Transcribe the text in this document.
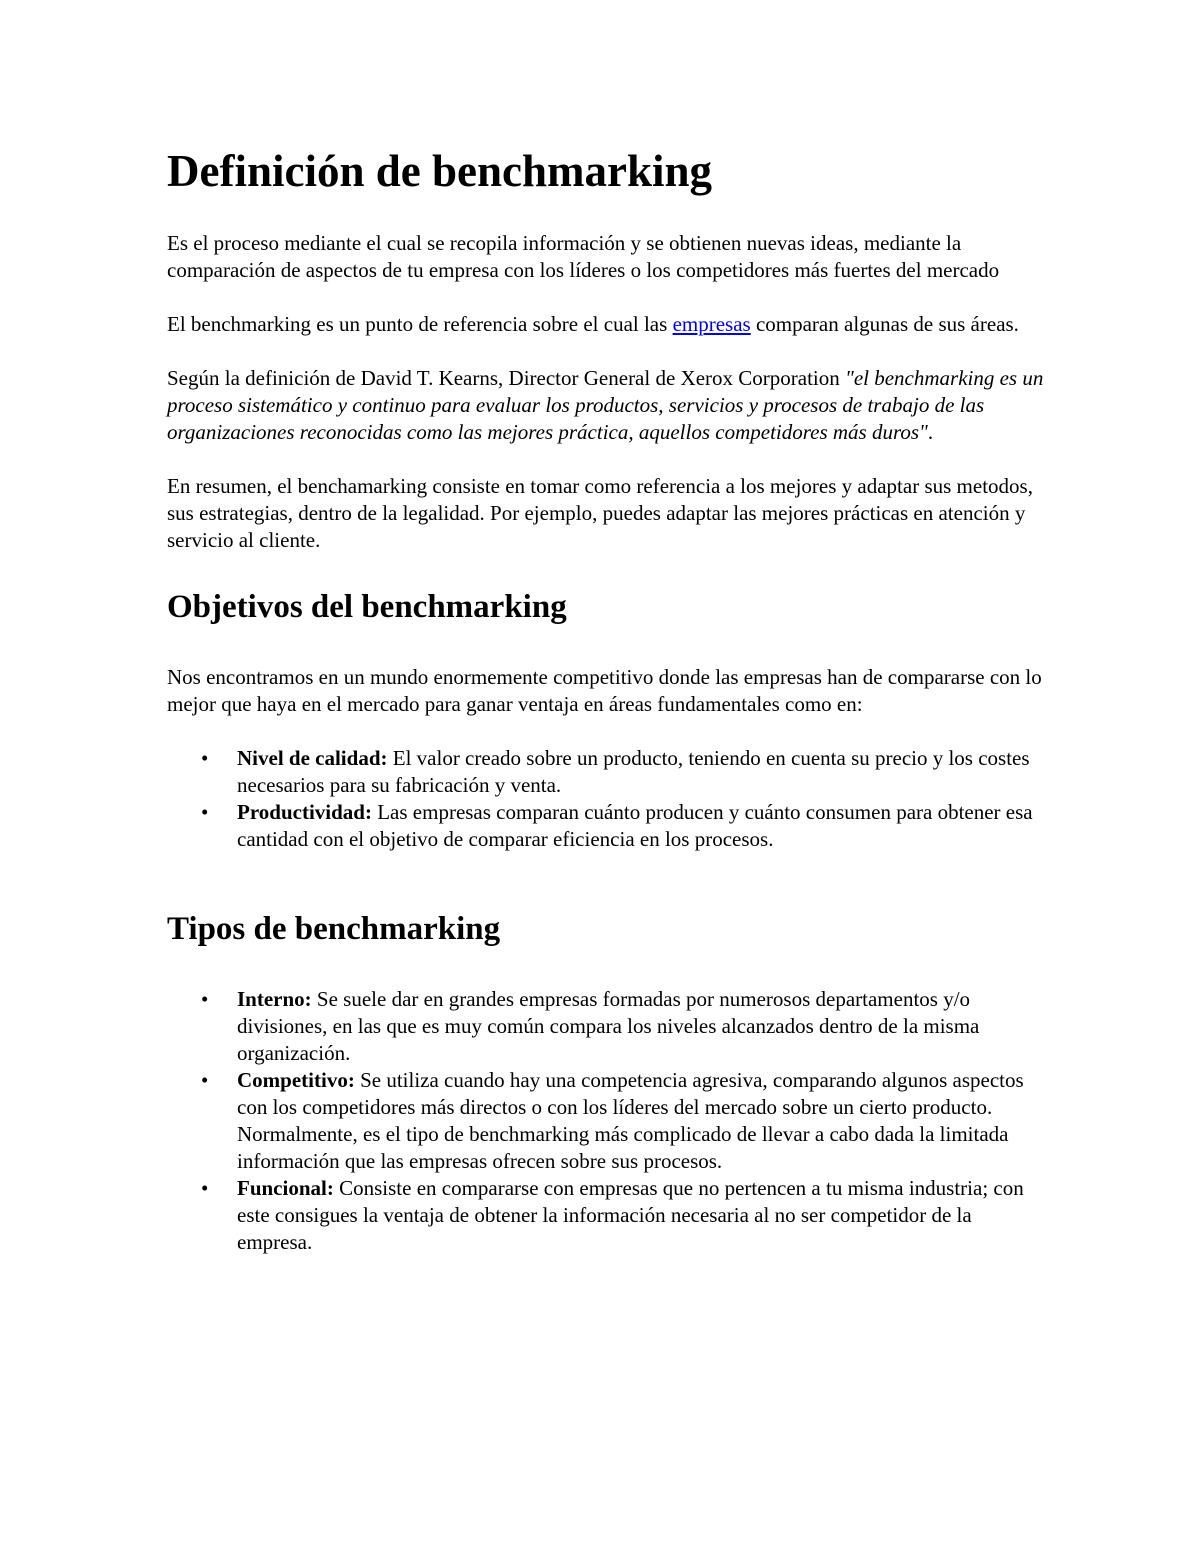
Definición de benchmarking

Es el proceso mediante el cual se recopila información y se obtienen nuevas ideas, mediante la comparación de aspectos de tu empresa con los líderes o los competidores más fuertes del mercado

El benchmarking es un punto de referencia sobre el cual las empresas comparan algunas de sus áreas.

Según la definición de David T. Kearns, Director General de Xerox Corporation "el benchmarking es un proceso sistemático y continuo para evaluar los productos, servicios y procesos de trabajo de las organizaciones reconocidas como las mejores práctica, aquellos competidores más duros".

En resumen, el benchamarking consiste en tomar como referencia a los mejores y adaptar sus metodos, sus estrategias, dentro de la legalidad. Por ejemplo, puedes adaptar las mejores prácticas en atención y servicio al cliente.

Objetivos del benchmarking

Nos encontramos en un mundo enormemente competitivo donde las empresas han de compararse con lo mejor que haya en el mercado para ganar ventaja en áreas fundamentales como en:

• Nivel de calidad: El valor creado sobre un producto, teniendo en cuenta su precio y los costes necesarios para su fabricación y venta.
• Productividad: Las empresas comparan cuánto producen y cuánto consumen para obtener esa cantidad con el objetivo de comparar eficiencia en los procesos.
Tipos de benchmarking
• Interno: Se suele dar en grandes empresas formadas por numerosos departamentos y/o divisiones, en las que es muy común compara los niveles alcanzados dentro de la misma organización.
• Competitivo: Se utiliza cuando hay una competencia agresiva, comparando algunos aspectos con los competidores más directos o con los líderes del mercado sobre un cierto producto. Normalmente, es el tipo de benchmarking más complicado de llevar a cabo dada la limitada información que las empresas ofrecen sobre sus procesos.
• Funcional: Consiste en compararse con empresas que no pertencen a tu misma industria; con este consigues la ventaja de obtener la información necesaria al no ser competidor de la empresa.
